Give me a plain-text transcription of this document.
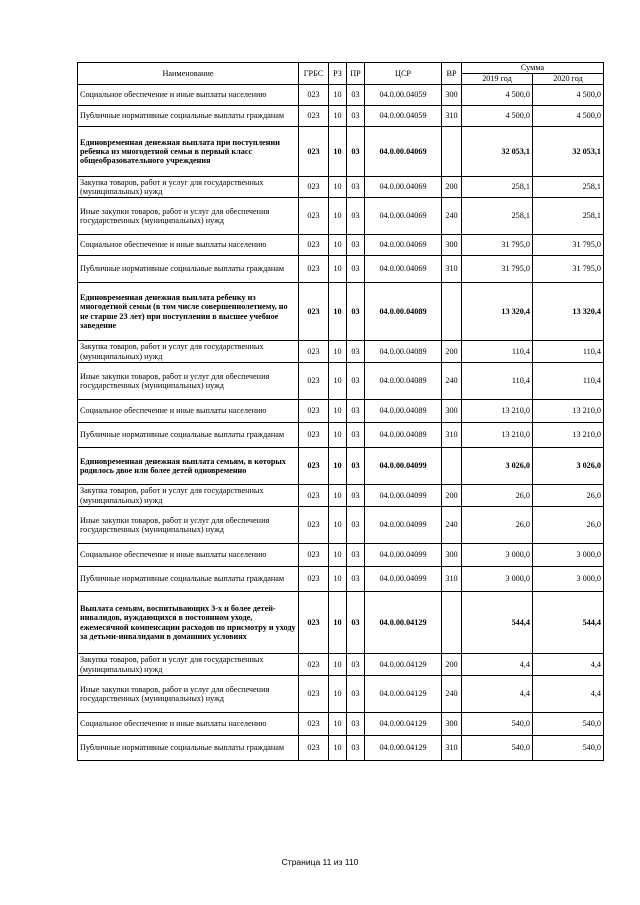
Наименование	ГРБС	РЗ	ПР	ЦСР	ВР	Сумма	
						2019 год	2020 год
Социальное обеспечение и иные выплаты населению	023	10	03	04.0.00.04059	300	4 500,0	4 500,0
Публичные нормативные социальные выплаты гражданам	023	10	03	04.0.00.04059	310	4 500,0	4 500,0
Единовременная денежная выплата при поступлении ребенка из многодетной семьи в первый класс общеобразовательного учреждения	023	10	03	04.0.00.04069		32 053,1	32 053,1
Закупка товаров, работ и услуг для государственных (муниципальных) нужд	023	10	03	04.0.00.04069	200	258,1	258,1
Иные закупки товаров, работ и услуг для обеспечения государственных (муниципальных) нужд	023	10	03	04.0.00.04069	240	258,1	258,1
Социальное обеспечение и иные выплаты населению	023	10	03	04.0.00.04069	300	31 795,0	31 795,0
Публичные нормативные социальные выплаты гражданам	023	10	03	04.0.00.04069	310	31 795,0	31 795,0
Единовременная денежная выплата ребенку из многодетной семьи (в том числе совершеннолетнему, но не старше 23 лет) при поступлении в высшее учебное заведение	023	10	03	04.0.00.04089		13 320,4	13 320,4
Закупка товаров, работ и услуг для государственных (муниципальных) нужд	023	10	03	04.0.00.04089	200	110,4	110,4
Иные закупки товаров, работ и услуг для обеспечения государственных (муниципальных) нужд	023	10	03	04.0.00.04089	240	110,4	110,4
Социальное обеспечение и иные выплаты населению	023	10	03	04.0.00.04089	300	13 210,0	13 210,0
Публичные нормативные социальные выплаты гражданам	023	10	03	04.0.00.04089	310	13 210,0	13 210,0
Единовременная денежная выплата семьям, в которых родилось двое или более детей одновременно	023	10	03	04.0.00.04099		3 026,0	3 026,0
Закупка товаров, работ и услуг для государственных (муниципальных) нужд	023	10	03	04.0.00.04099	200	26,0	26,0
Иные закупки товаров, работ и услуг для обеспечения государственных (муниципальных) нужд	023	10	03	04.0.00.04099	240	26,0	26,0
Социальное обеспечение и иные выплаты населению	023	10	03	04.0.00.04099	300	3 000,0	3 000,0
Публичные нормативные социальные выплаты гражданам	023	10	03	04.0.00.04099	310	3 000,0	3 000,0
Выплата семьям, воспитывающих 3-х и более детей-инвалидов, нуждающихся в постоянном уходе, ежемесячной компенсации расходов по присмотру и уходу за детьми-инвалидами в домашних условиях	023	10	03	04.0.00.04129		544,4	544,4
Закупка товаров, работ и услуг для государственных (муниципальных) нужд	023	10	03	04.0.00.04129	200	4,4	4,4
Иные закупки товаров, работ и услуг для обеспечения государственных (муниципальных) нужд	023	10	03	04.0.00.04129	240	4,4	4,4
Социальное обеспечение и иные выплаты населению	023	10	03	04.0.00.04129	300	540,0	540,0
Публичные нормативные социальные выплаты гражданам	023	10	03	04.0.00.04129	310	540,0	540,0
Страница 11 из 110
